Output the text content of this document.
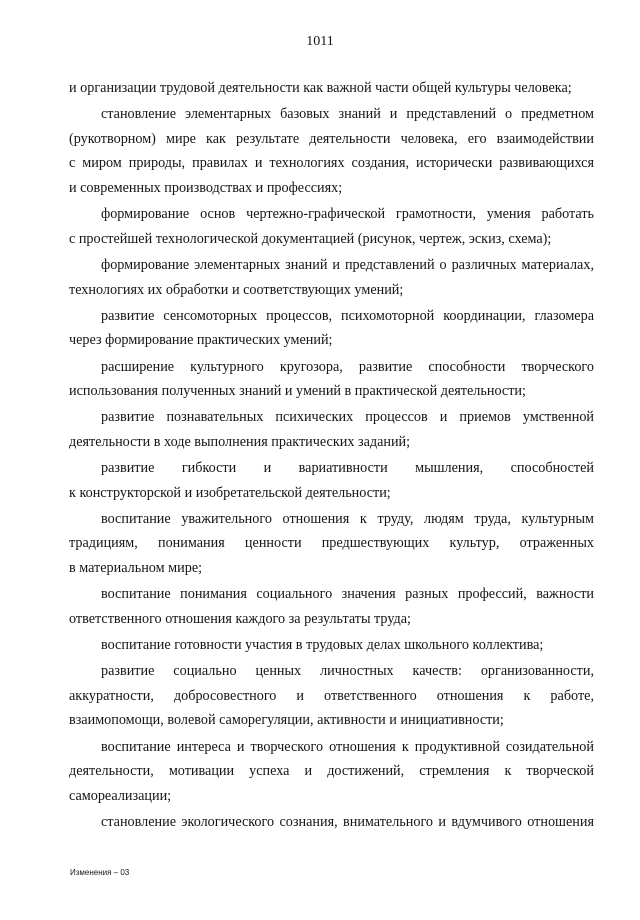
1011
и организации трудовой деятельности как важной части общей культуры человека;
становление элементарных базовых знаний и представлений о предметном
(рукотворном) мире как результате деятельности человека, его взаимодействии
с миром природы, правилах и технологиях создания, исторически развивающихся
и современных производствах и профессиях;
формирование основ чертежно-графической грамотности, умения работать
с простейшей технологической документацией (рисунок, чертеж, эскиз, схема);
формирование элементарных знаний и представлений о различных материалах,
технологиях их обработки и соответствующих умений;
развитие сенсомоторных процессов, психомоторной координации, глазомера
через формирование практических умений;
расширение культурного кругозора, развитие способности творческого
использования полученных знаний и умений в практической деятельности;
развитие познавательных психических процессов и приемов умственной
деятельности в ходе выполнения практических заданий;
развитие гибкости и вариативности мышления, способностей
к конструкторской и изобретательской деятельности;
воспитание уважительного отношения к труду, людям труда, культурным
традициям, понимания ценности предшествующих культур, отраженных
в материальном мире;
воспитание понимания социального значения разных профессий, важности
ответственного отношения каждого за результаты труда;
воспитание готовности участия в трудовых делах школьного коллектива;
развитие социально ценных личностных качеств: организованности,
аккуратности, добросовестного и ответственного отношения к работе,
взаимопомощи, волевой саморегуляции, активности и инициативности;
воспитание интереса и творческого отношения к продуктивной созидательной
деятельности, мотивации успеха и достижений, стремления к творческой
самореализации;
становление экологического сознания, внимательного и вдумчивого отношения
Изменения – 03
